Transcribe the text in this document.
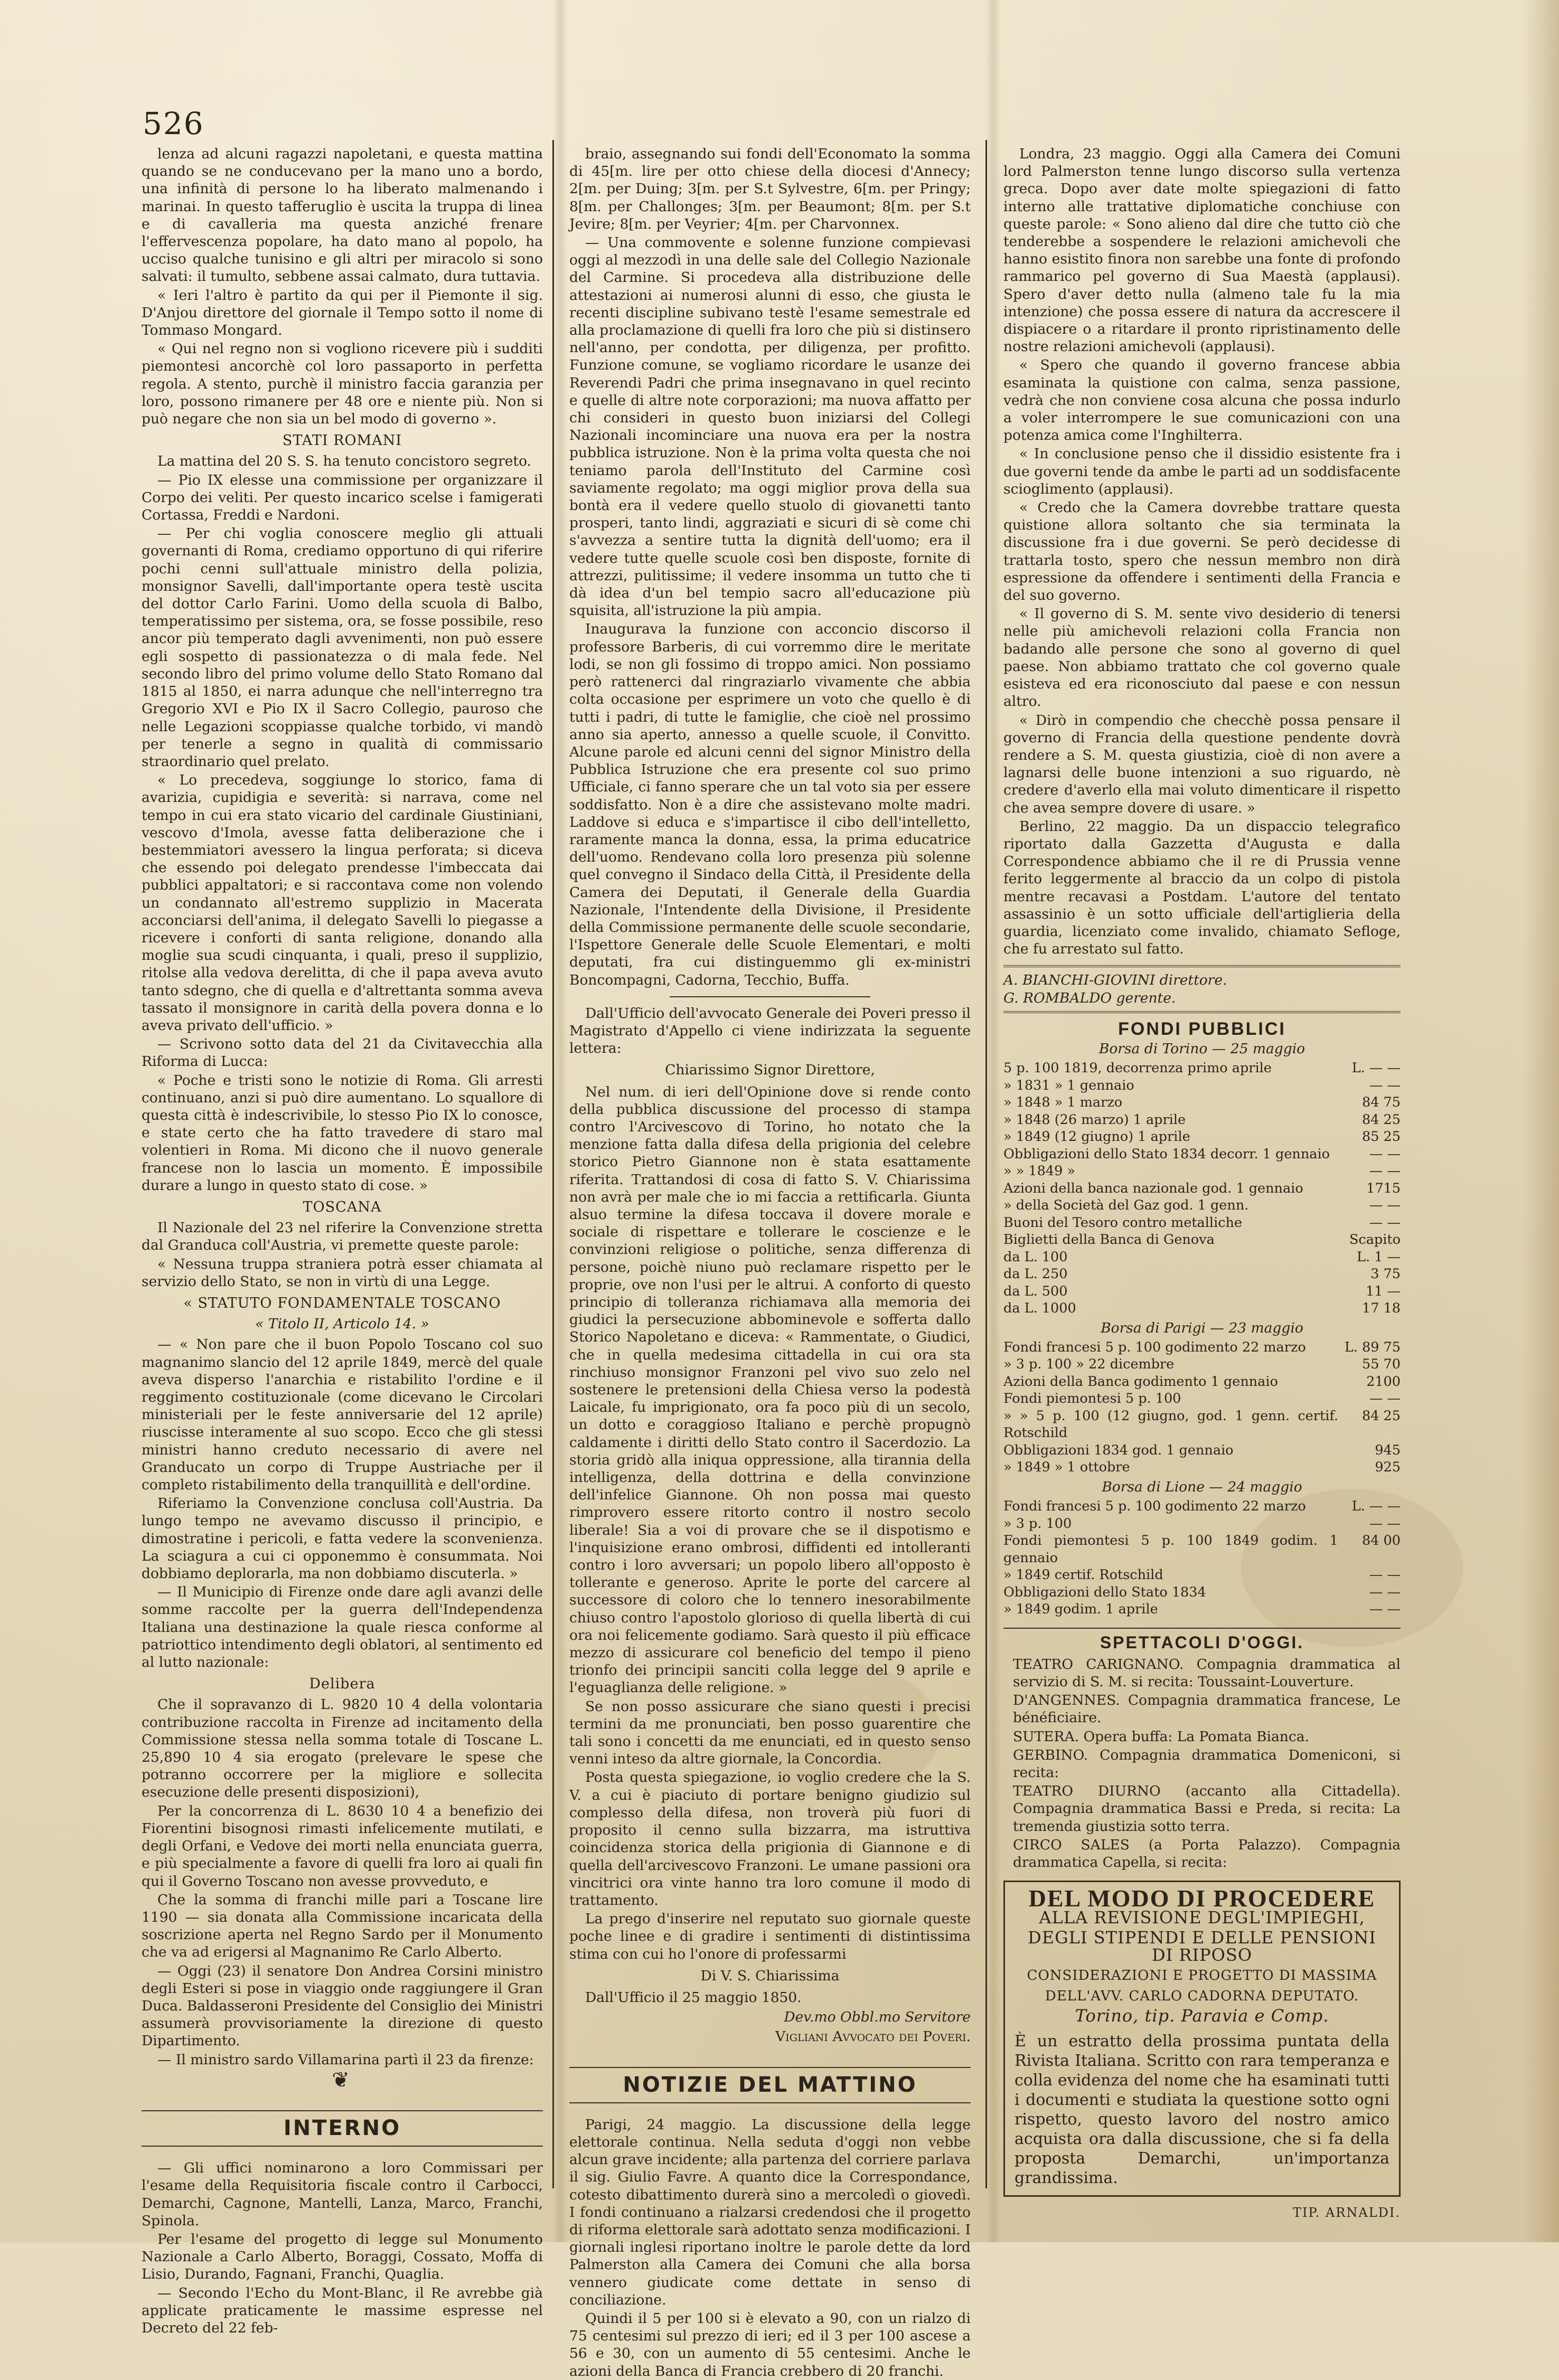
526
lenza ad alcuni ragazzi napoletani, e questa mattina quando se ne conducevano per la mano uno a bordo, una infinità di persone lo ha liberato malmenando i marinai. In questo tafferuglio è uscita la truppa di linea e di cavalleria ma questa anziché frenare l'effervescenza popolare, ha dato mano al popolo, ha ucciso qualche tunisino e gli altri per miracolo si sono salvati: il tumulto, sebbene assai calmato, dura tuttavia.
« Ieri l'altro è partito da qui per il Piemonte il sig. D'Anjou direttore del giornale il Tempo sotto il nome di Tommaso Mongard.
« Qui nel regno non si vogliono ricevere più i sudditi piemontesi ancorchè col loro passaporto in perfetta regola. A stento, purchè il ministro faccia garanzia per loro, possono rimanere per 48 ore e niente più. Non si può negare che non sia un bel modo di governo ».
STATI ROMANI
La mattina del 20 S. S. ha tenuto concistoro segreto.
— Pio IX elesse una commissione per organizzare il Corpo dei veliti. Per questo incarico scelse i famigerati Cortassa, Freddi e Nardoni.
— Per chi voglia conoscere meglio gli attuali governanti di Roma, crediamo opportuno di qui riferire pochi cenni sull'attuale ministro della polizia, monsignor Savelli, dall'importante opera testè uscita del dottor Carlo Farini. Uomo della scuola di Balbo, temperatissimo per sistema, ora, se fosse possibile, reso ancor più temperato dagli avvenimenti, non può essere egli sospetto di passionatezza o di mala fede. Nel secondo libro del primo volume dello Stato Romano dal 1815 al 1850, ei narra adunque che nell'interregno tra Gregorio XVI e Pio IX il Sacro Collegio, pauroso che nelle Legazioni scoppiasse qualche torbido, vi mandò per tenerle a segno in qualità di commissario straordinario quel prelato.
« Lo precedeva, soggiunge lo storico, fama di avarizia, cupidigia e severità: si narrava, come nel tempo in cui era stato vicario del cardinale Giustiniani, vescovo d'Imola, avesse fatta deliberazione che i bestemmiatori avessero la lingua perforata; si diceva che essendo poi delegato prendesse l'imbeccata dai pubblici appaltatori; e si raccontava come non volendo un condannato all'estremo supplizio in Macerata acconciarsi dell'anima, il delegato Savelli lo piegasse a ricevere i conforti di santa religione, donando alla moglie sua scudi cinquanta, i quali, preso il supplizio, ritolse alla vedova derelitta, di che il papa aveva avuto tanto sdegno, che di quella e d'altrettanta somma aveva tassato il monsignore in carità della povera donna e lo aveva privato dell'ufficio. »
— Scrivono sotto data del 21 da Civitavecchia alla Riforma di Lucca:
« Poche e tristi sono le notizie di Roma. Gli arresti continuano, anzi si può dire aumentano. Lo squallore di questa città è indescrivibile, lo stesso Pio IX lo conosce, e state certo che ha fatto travedere di staro mal volentieri in Roma. Mi dicono che il nuovo generale francese non lo lascia un momento. È impossibile durare a lungo in questo stato di cose. »
TOSCANA
Il Nazionale del 23 nel riferire la Convenzione stretta dal Granduca coll'Austria, vi premette queste parole:
« Nessuna truppa straniera potrà esser chiamata al servizio dello Stato, se non in virtù di una Legge.
« STATUTO FONDAMENTALE TOSCANO
« Titolo II, Articolo 14. »
— « Non pare che il buon Popolo Toscano col suo magnanimo slancio del 12 aprile 1849, mercè del quale aveva disperso l'anarchia e ristabilito l'ordine e il reggimento costituzionale (come dicevano le Circolari ministeriali per le feste anniversarie del 12 aprile) riuscisse interamente al suo scopo. Ecco che gli stessi ministri hanno creduto necessario di avere nel Granducato un corpo di Truppe Austriache per il completo ristabilimento della tranquillità e dell'ordine.
Riferiamo la Convenzione conclusa coll'Austria. Da lungo tempo ne avevamo discusso il principio, e dimostratine i pericoli, e fatta vedere la sconvenienza. La sciagura a cui ci opponemmo è consummata. Noi dobbiamo deplorarla, ma non dobbiamo discuterla. »
— Il Municipio di Firenze onde dare agli avanzi delle somme raccolte per la guerra dell'Independenza Italiana una destinazione la quale riesca conforme al patriottico intendimento degli oblatori, al sentimento ed al lutto nazionale:
Delibera
Che il sopravanzo di L. 9820 10 4 della volontaria contribuzione raccolta in Firenze ad incitamento della Commissione stessa nella somma totale di Toscane L. 25,890 10 4 sia erogato (prelevare le spese che potranno occorrere per la migliore e sollecita esecuzione delle presenti disposizioni),
Per la concorrenza di L. 8630 10 4 a benefizio dei Fiorentini bisognosi rimasti infelicemente mutilati, e degli Orfani, e Vedove dei morti nella enunciata guerra, e più specialmente a favore di quelli fra loro ai quali fin qui il Governo Toscano non avesse provveduto, e
Che la somma di franchi mille pari a Toscane lire 1190 — sia donata alla Commissione incaricata della soscrizione aperta nel Regno Sardo per il Monumento che va ad erigersi al Magnanimo Re Carlo Alberto.
— Oggi (23) il senatore Don Andrea Corsini ministro degli Esteri si pose in viaggio onde raggiungere il Gran Duca. Baldasseroni Presidente del Consiglio dei Ministri assumerà provvisoriamente la direzione di questo Dipartimento.
— Il ministro sardo Villamarina partì il 23 da firenze:
❦
INTERNO
— Gli uffici nominarono a loro Commissari per l'esame della Requisitoria fiscale contro il Carbocci, Demarchi, Cagnone, Mantelli, Lanza, Marco, Franchi, Spinola.
Per l'esame del progetto di legge sul Monumento Nazionale a Carlo Alberto, Boraggi, Cossato, Moffa di Lisio, Durando, Fagnani, Franchi, Quaglia.
— Secondo l'Echo du Mont-Blanc, il Re avrebbe già applicate praticamente le massime espresse nel Decreto del 22 feb-
braio, assegnando sui fondi dell'Economato la somma di 45[m. lire per otto chiese della diocesi d'Annecy; 2[m. per Duing; 3[m. per S.t Sylvestre, 6[m. per Pringy; 8[m. per Challonges; 3[m. per Beaumont; 8[m. per S.t Jevire; 8[m. per Veyrier; 4[m. per Charvonnex.
— Una commovente e solenne funzione compievasi oggi al mezzodì in una delle sale del Collegio Nazionale del Carmine. Si procedeva alla distribuzione delle attestazioni ai numerosi alunni di esso, che giusta le recenti discipline subivano testè l'esame semestrale ed alla proclamazione di quelli fra loro che più si distinsero nell'anno, per condotta, per diligenza, per profitto. Funzione comune, se vogliamo ricordare le usanze dei Reverendi Padri che prima insegnavano in quel recinto e quelle di altre note corporazioni; ma nuova affatto per chi consideri in questo buon iniziarsi del Collegi Nazionali incominciare una nuova era per la nostra pubblica istruzione. Non è la prima volta questa che noi teniamo parola dell'Instituto del Carmine così saviamente regolato; ma oggi miglior prova della sua bontà era il vedere quello stuolo di giovanetti tanto prosperi, tanto lindi, aggraziati e sicuri di sè come chi s'avvezza a sentire tutta la dignità dell'uomo; era il vedere tutte quelle scuole così ben disposte, fornite di attrezzi, pulitissime; il vedere insomma un tutto che ti dà idea d'un bel tempio sacro all'educazione più squisita, all'istruzione la più ampia.
Inaugurava la funzione con acconcio discorso il professore Barberis, di cui vorremmo dire le meritate lodi, se non gli fossimo di troppo amici. Non possiamo però rattenerci dal ringraziarlo vivamente che abbia colta occasione per esprimere un voto che quello è di tutti i padri, di tutte le famiglie, che cioè nel prossimo anno sia aperto, annesso a quelle scuole, il Convitto. Alcune parole ed alcuni cenni del signor Ministro della Pubblica Istruzione che era presente col suo primo Ufficiale, ci fanno sperare che un tal voto sia per essere soddisfatto. Non è a dire che assistevano molte madri. Laddove si educa e s'impartisce il cibo dell'intelletto, raramente manca la donna, essa, la prima educatrice dell'uomo. Rendevano colla loro presenza più solenne quel convegno il Sindaco della Città, il Presidente della Camera dei Deputati, il Generale della Guardia Nazionale, l'Intendente della Divisione, il Presidente della Commissione permanente delle scuole secondarie, l'Ispettore Generale delle Scuole Elementari, e molti deputati, fra cui distinguemmo gli ex-ministri Boncompagni, Cadorna, Tecchio, Buffa.
Dall'Ufficio dell'avvocato Generale dei Poveri presso il Magistrato d'Appello ci viene indirizzata la seguente lettera:
Chiarissimo Signor Direttore,
Nel num. di ieri dell'Opinione dove si rende conto della pubblica discussione del processo di stampa contro l'Arcivescovo di Torino, ho notato che la menzione fatta dalla difesa della prigionia del celebre storico Pietro Giannone non è stata esattamente riferita. Trattandosi di cosa di fatto S. V. Chiarissima non avrà per male che io mi faccia a rettificarla. Giunta alsuo termine la difesa toccava il dovere morale e sociale di rispettare e tollerare le coscienze e le convinzioni religiose o politiche, senza differenza di persone, poichè niuno può reclamare rispetto per le proprie, ove non l'usi per le altrui. A conforto di questo principio di tolleranza richiamava alla memoria dei giudici la persecuzione abbominevole e sofferta dallo Storico Napoletano e diceva: « Rammentate, o Giudici, che in quella medesima cittadella in cui ora sta rinchiuso monsignor Franzoni pel vivo suo zelo nel sostenere le pretensioni della Chiesa verso la podestà Laicale, fu imprigionato, ora fa poco più di un secolo, un dotto e coraggioso Italiano e perchè propugnò caldamente i diritti dello Stato contro il Sacerdozio. La storia gridò alla iniqua oppressione, alla tirannia della intelligenza, della dottrina e della convinzione dell'infelice Giannone. Oh non possa mai questo rimprovero essere ritorto contro il nostro secolo liberale! Sia a voi di provare che se il dispotismo e l'inquisizione erano ombrosi, diffidenti ed intolleranti contro i loro avversari; un popolo libero all'opposto è tollerante e generoso. Aprite le porte del carcere al successore di coloro che lo tennero inesorabilmente chiuso contro l'apostolo glorioso di quella libertà di cui ora noi felicemente godiamo. Sarà questo il più efficace mezzo di assicurare col beneficio del tempo il pieno trionfo dei principii sanciti colla legge del 9 aprile e l'eguaglianza delle religione. »
Se non posso assicurare che siano questi i precisi termini da me pronunciati, ben posso guarentire che tali sono i concetti da me enunciati, ed in questo senso venni inteso da altre giornale, la Concordia.
Posta questa spiegazione, io voglio credere che la S. V. a cui è piaciuto di portare benigno giudizio sul complesso della difesa, non troverà più fuori di proposito il cenno sulla bizzarra, ma istruttiva coincidenza storica della prigionia di Giannone e di quella dell'arcivescovo Franzoni. Le umane passioni ora vincitrici ora vinte hanno tra loro comune il modo di trattamento.
La prego d'inserire nel reputato suo giornale queste poche linee e di gradire i sentimenti di distintissima stima con cui ho l'onore di professarmi
Di V. S. Chiarissima
Dall'Ufficio il 25 maggio 1850.
Dev.mo Obbl.mo Servitore
Vigliani Avvocato dei Poveri.
NOTIZIE DEL MATTINO
Parigi, 24 maggio. La discussione della legge elettorale continua. Nella seduta d'oggi non vebbe alcun grave incidente; alla partenza del corriere parlava il sig. Giulio Favre. A quanto dice la Correspondance, cotesto dibattimento durerà sino a mercoledì o giovedì. I fondi continuano a rialzarsi credendosi che il progetto di riforma elettorale sarà adottato senza modificazioni. I giornali inglesi riportano inoltre le parole dette da lord Palmerston alla Camera dei Comuni che alla borsa vennero giudicate come dettate in senso di conciliazione.
Quindi il 5 per 100 si è elevato a 90, con un rialzo di 75 centesimi sul prezzo di ieri; ed il 3 per 100 ascese a 56 e 30, con un aumento di 55 centesimi. Anche le azioni della Banca di Francia crebbero di 20 franchi.
Londra, 23 maggio. Oggi alla Camera dei Comuni lord Palmerston tenne lungo discorso sulla vertenza greca. Dopo aver date molte spiegazioni di fatto interno alle trattative diplomatiche conchiuse con queste parole: « Sono alieno dal dire che tutto ciò che tenderebbe a sospendere le relazioni amichevoli che hanno esistito finora non sarebbe una fonte di profondo rammarico pel governo di Sua Maestà (applausi). Spero d'aver detto nulla (almeno tale fu la mia intenzione) che possa essere di natura da accrescere il dispiacere o a ritardare il pronto ripristinamento delle nostre relazioni amichevoli (applausi).
« Spero che quando il governo francese abbia esaminata la quistione con calma, senza passione, vedrà che non conviene cosa alcuna che possa indurlo a voler interrompere le sue comunicazioni con una potenza amica come l'Inghilterra.
« In conclusione penso che il dissidio esistente fra i due governi tende da ambe le parti ad un soddisfacente scioglimento (applausi).
« Credo che la Camera dovrebbe trattare questa quistione allora soltanto che sia terminata la discussione fra i due governi. Se però decidesse di trattarla tosto, spero che nessun membro non dirà espressione da offendere i sentimenti della Francia e del suo governo.
« Il governo di S. M. sente vivo desiderio di tenersi nelle più amichevoli relazioni colla Francia non badando alle persone che sono al governo di quel paese. Non abbiamo trattato che col governo quale esisteva ed era riconosciuto dal paese e con nessun altro.
« Dirò in compendio che checchè possa pensare il governo di Francia della questione pendente dovrà rendere a S. M. questa giustizia, cioè di non avere a lagnarsi delle buone intenzioni a suo riguardo, nè credere d'averlo ella mai voluto dimenticare il rispetto che avea sempre dovere di usare. »
Berlino, 22 maggio. Da un dispaccio telegrafico riportato dalla Gazzetta d'Augusta e dalla Correspondence abbiamo che il re di Prussia venne ferito leggermente al braccio da un colpo di pistola mentre recavasi a Postdam. L'autore del tentato assassinio è un sotto ufficiale dell'artiglieria della guardia, licenziato come invalido, chiamato Sefloge, che fu arrestato sul fatto.
A. BIANCHI-GIOVINI direttore.
G. ROMBALDO gerente.
FONDI PUBBLICI
Borsa di Torino — 25 maggio
5 p. 100 1819, decorrenza primo aprile	L. — —
» 1831 » 1 gennaio	— —
» 1848 » 1 marzo	84 75
» 1848 (26 marzo) 1 aprile	84 25
» 1849 (12 giugno) 1 aprile	85 25
Obbligazioni dello Stato 1834 decorr. 1 gennaio	— —
» » 1849 »	— —
Azioni della banca nazionale god. 1 gennaio	1715
» della Società del Gaz god. 1 genn.	— —
Buoni del Tesoro contro metalliche	— —
Biglietti della Banca di Genova	Scapito
da L. 100	L. 1 —
da L. 250	3 75
da L. 500	11 —
da L. 1000	17 18
Borsa di Parigi — 23 maggio
Fondi francesi 5 p. 100 godimento 22 marzo	L. 89 75
» 3 p. 100 » 22 dicembre	55 70
Azioni della Banca godimento 1 gennaio	2100
Fondi piemontesi 5 p. 100	— —
» » 5 p. 100 (12 giugno, god. 1 genn. certif. Rotschild	84 25
Obbligazioni 1834 god. 1 gennaio	945
» 1849 » 1 ottobre	925
Borsa di Lione — 24 maggio
Fondi francesi 5 p. 100 godimento 22 marzo	L. — —
» 3 p. 100	— —
Fondi piemontesi 5 p. 100 1849 godim. 1 gennaio	84 00
» 1849 certif. Rotschild	— —
Obbligazioni dello Stato 1834	— —
» 1849 godim. 1 aprile	— —
SPETTACOLI D'OGGI.
TEATRO CARIGNANO. Compagnia drammatica al servizio di S. M. si recita: Toussaint-Louverture.
D'ANGENNES. Compagnia drammatica francese, Le bénéficiaire.
SUTERA. Opera buffa: La Pomata Bianca.
GERBINO. Compagnia drammatica Domeniconi, si recita:
TEATRO DIURNO (accanto alla Cittadella). Compagnia drammatica Bassi e Preda, si recita: La tremenda giustizia sotto terra.
CIRCO SALES (a Porta Palazzo). Compagnia drammatica Capella, si recita:
DEL MODO DI PROCEDERE
ALLA REVISIONE DEGL'IMPIEGHI,
DEGLI STIPENDI E DELLE PENSIONI DI RIPOSO
CONSIDERAZIONI E PROGETTO DI MASSIMA
DELL'AVV. CARLO CADORNA DEPUTATO.
Torino, tip. Paravia e Comp.
È un estratto della prossima puntata della Rivista Italiana. Scritto con rara temperanza e colla evidenza del nome che ha esaminati tutti i documenti e studiata la questione sotto ogni rispetto, questo lavoro del nostro amico acquista ora dalla discussione, che si fa della proposta Demarchi, un'importanza grandissima.
TIP. ARNALDI.
